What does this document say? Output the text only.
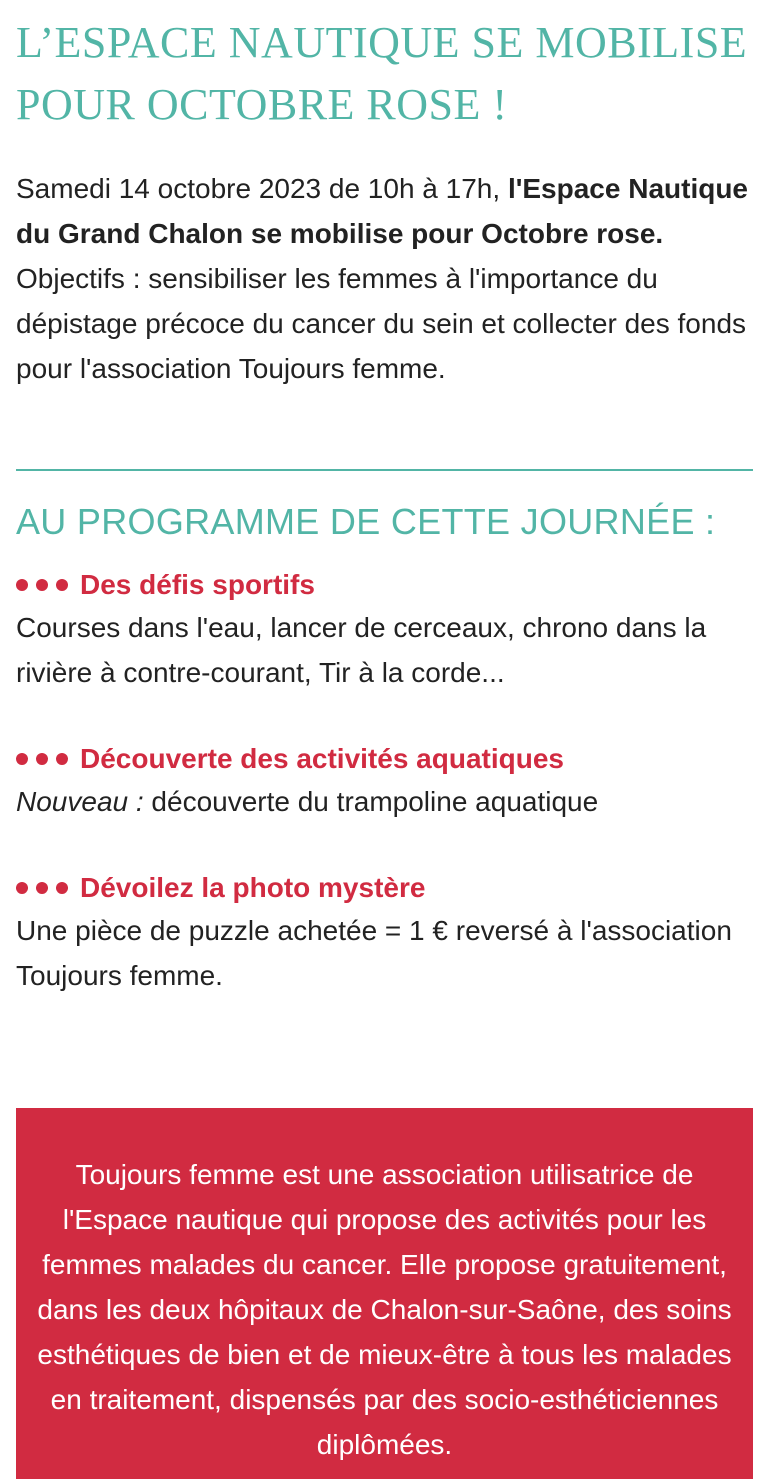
L’ESPACE NAUTIQUE SE MOBILISE POUR OCTOBRE ROSE !

Samedi 14 octobre 2023 de 10h à 17h, l'Espace Nautique du Grand Chalon se mobilise pour Octobre rose.

Objectifs : sensibiliser les femmes à l'importance du dépistage précoce du cancer du sein et collecter des fonds pour l'association Toujours femme.

AU PROGRAMME DE CETTE JOURNÉE :
Des défis sportifs
Courses dans l'eau, lancer de cerceaux, chrono dans la rivière à contre-courant, Tir à la corde...
Découverte des activités aquatiques
Nouveau : découverte du trampoline aquatique
Dévoilez la photo mystère
Une pièce de puzzle achetée = 1 € reversé à l'association Toujours femme.
Toujours femme est une association utilisatrice de l'Espace nautique qui propose des activités pour les femmes malades du cancer. Elle propose gratuitement, dans les deux hôpitaux de Chalon-sur-Saône, des soins esthétiques de bien et de mieux-être à tous les malades en traitement, dispensés par des socio-esthéticiennes diplômées.
